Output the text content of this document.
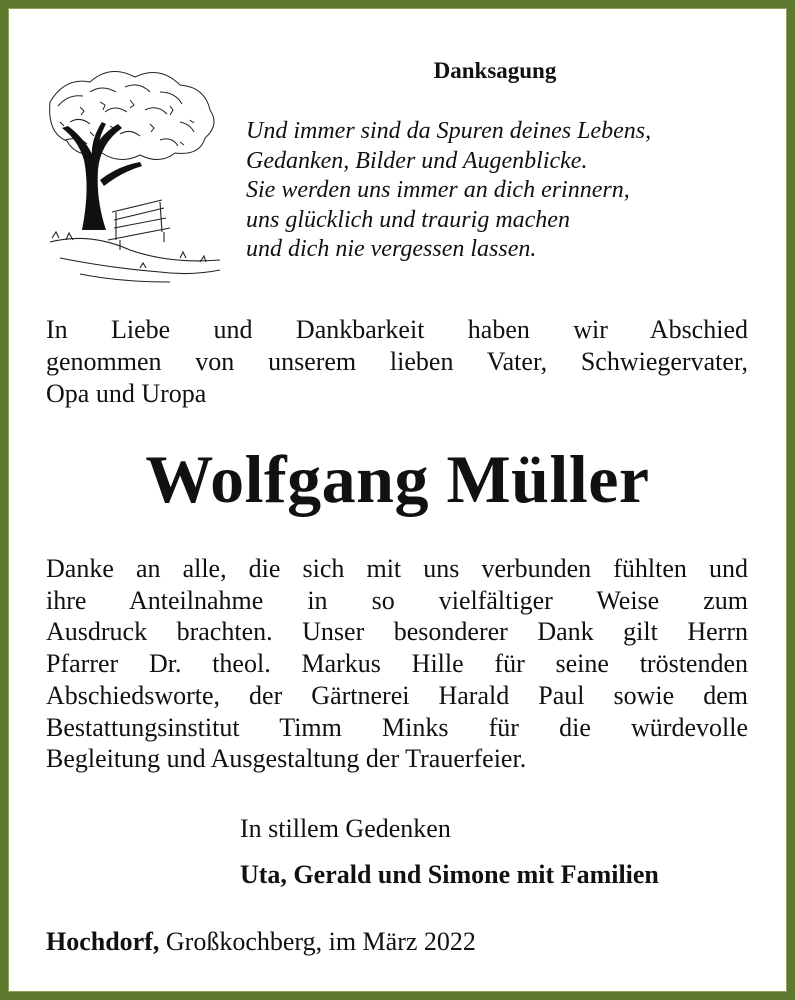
Danksagung
Und immer sind da Spuren deines Lebens,
Gedanken, Bilder und Augenblicke.
Sie werden uns immer an dich erinnern,
uns glücklich und traurig machen
und dich nie vergessen lassen.
In Liebe und Dankbarkeit haben wir Abschied
genommen von unserem lieben Vater, Schwiegervater,
Opa und Uropa
Wolfgang Müller
Danke an alle, die sich mit uns verbunden fühlten und
ihre Anteilnahme in so vielfältiger Weise zum
Ausdruck brachten. Unser besonderer Dank gilt Herrn
Pfarrer Dr. theol. Markus Hille für seine tröstenden
Abschiedsworte, der Gärtnerei Harald Paul sowie dem
Bestattungsinstitut Timm Minks für die würdevolle
Begleitung und Ausgestaltung der Trauerfeier.
In stillem Gedenken
Uta, Gerald und Simone mit Familien
Hochdorf, Großkochberg, im März 2022
